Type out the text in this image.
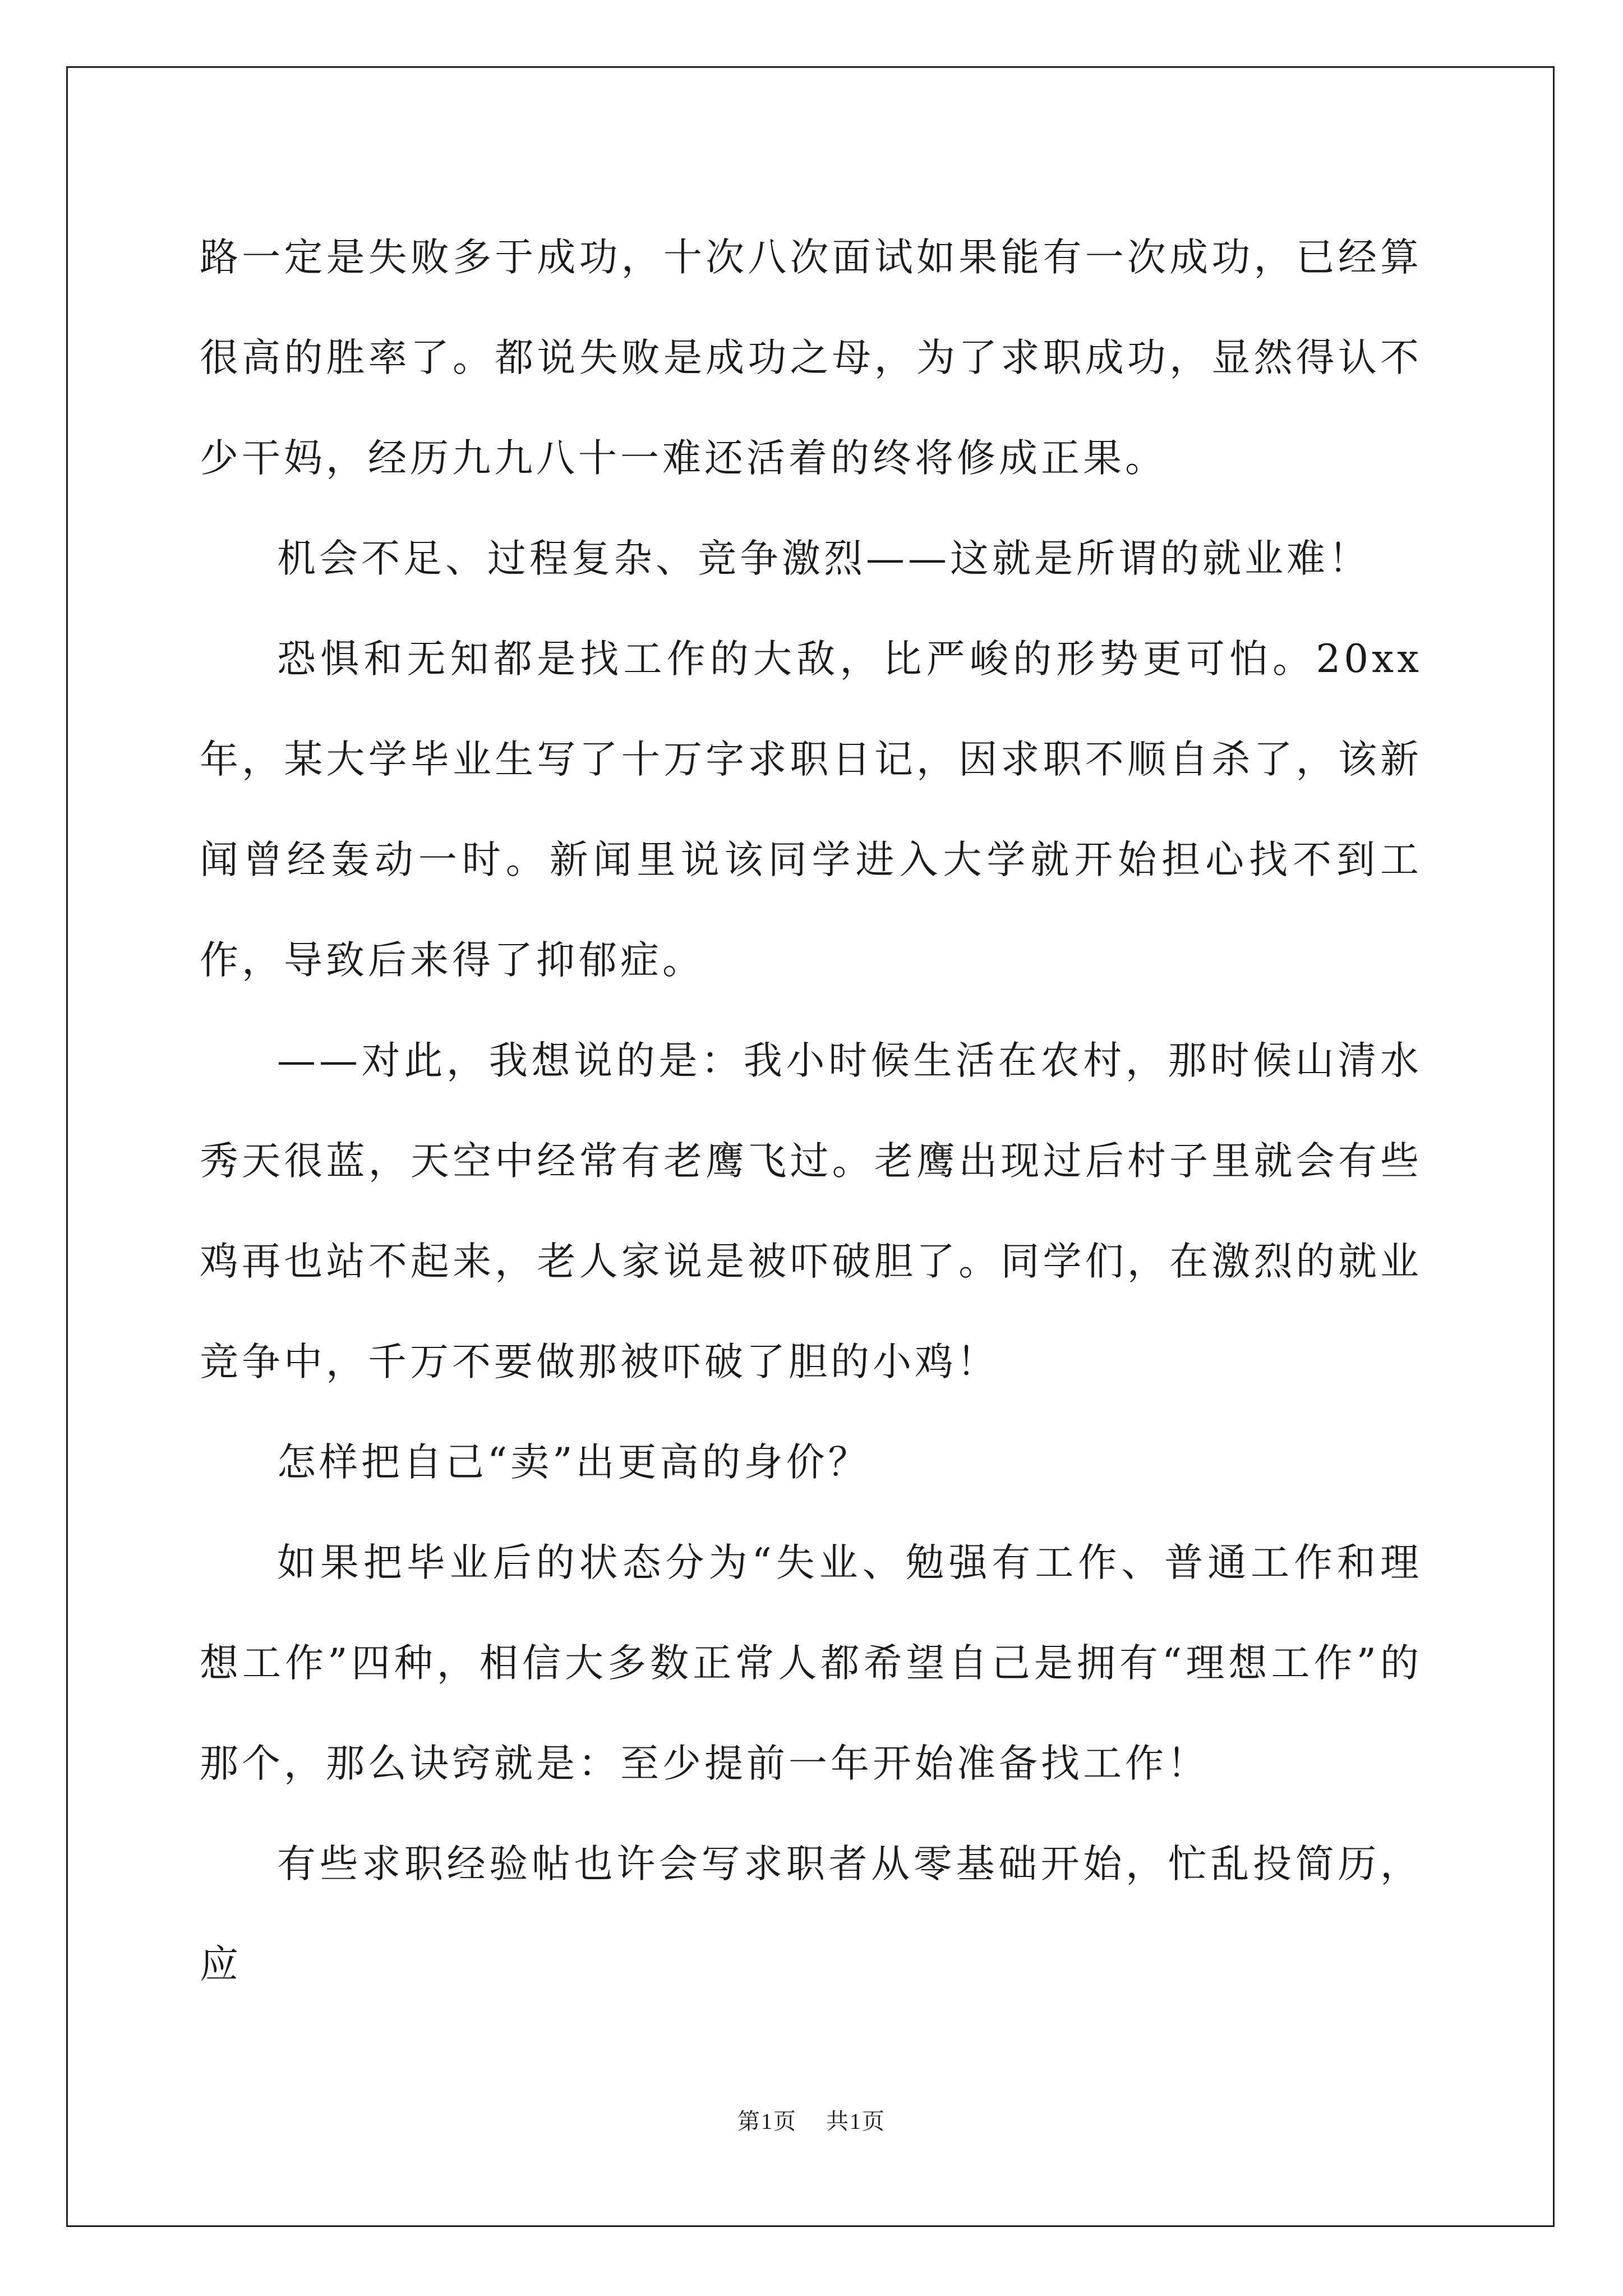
路一定是失败多于成功，十次八次面试如果能有一次成功，已经算很高的胜率了。都说失败是成功之母，为了求职成功，显然得认不少干妈，经历九九八十一难还活着的终将修成正果。

机会不足、过程复杂、竞争激烈——这就是所谓的就业难！

恐惧和无知都是找工作的大敌，比严峻的形势更可怕。20xx 年，某大学毕业生写了十万字求职日记，因求职不顺自杀了，该新闻曾经轰动一时。新闻里说该同学进入大学就开始担心找不到工作，导致后来得了抑郁症。

——对此，我想说的是：我小时候生活在农村，那时候山清水秀天很蓝，天空中经常有老鹰飞过。老鹰出现过后村子里就会有些鸡再也站不起来，老人家说是被吓破胆了。同学们，在激烈的就业竞争中，千万不要做那被吓破了胆的小鸡！

怎样把自己“卖”出更高的身价？

如果把毕业后的状态分为“失业、勉强有工作、普通工作和理想工作”四种，相信大多数正常人都希望自己是拥有“理想工作”的那个，那么诀窍就是：至少提前一年开始准备找工作！

有些求职经验帖也许会写求职者从零基础开始，忙乱投简历，应

第1页 共1页
